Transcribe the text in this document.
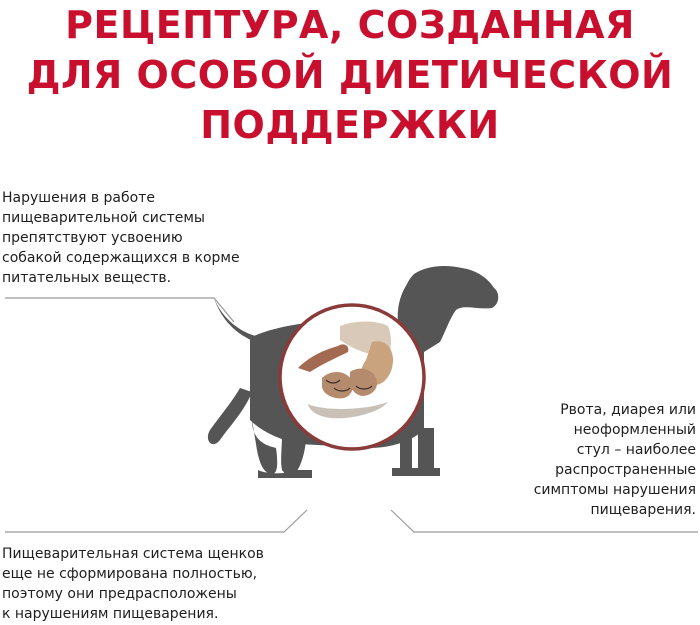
РЕЦЕПТУРА, СОЗДАННАЯ
ДЛЯ ОСОБОЙ ДИЕТИЧЕСКОЙ
ПОДДЕРЖКИ

Нарушения в работе
пищеварительной системы
препятствуют усвоению
собакой содержащихся в корме
питательных веществ.

Рвота, диарея или
неоформленный
стул – наиболее
распространенные
симптомы нарушения
пищеварения.

Пищеварительная система щенков
еще не сформирована полностью,
поэтому они предрасположены
к нарушениям пищеварения.
